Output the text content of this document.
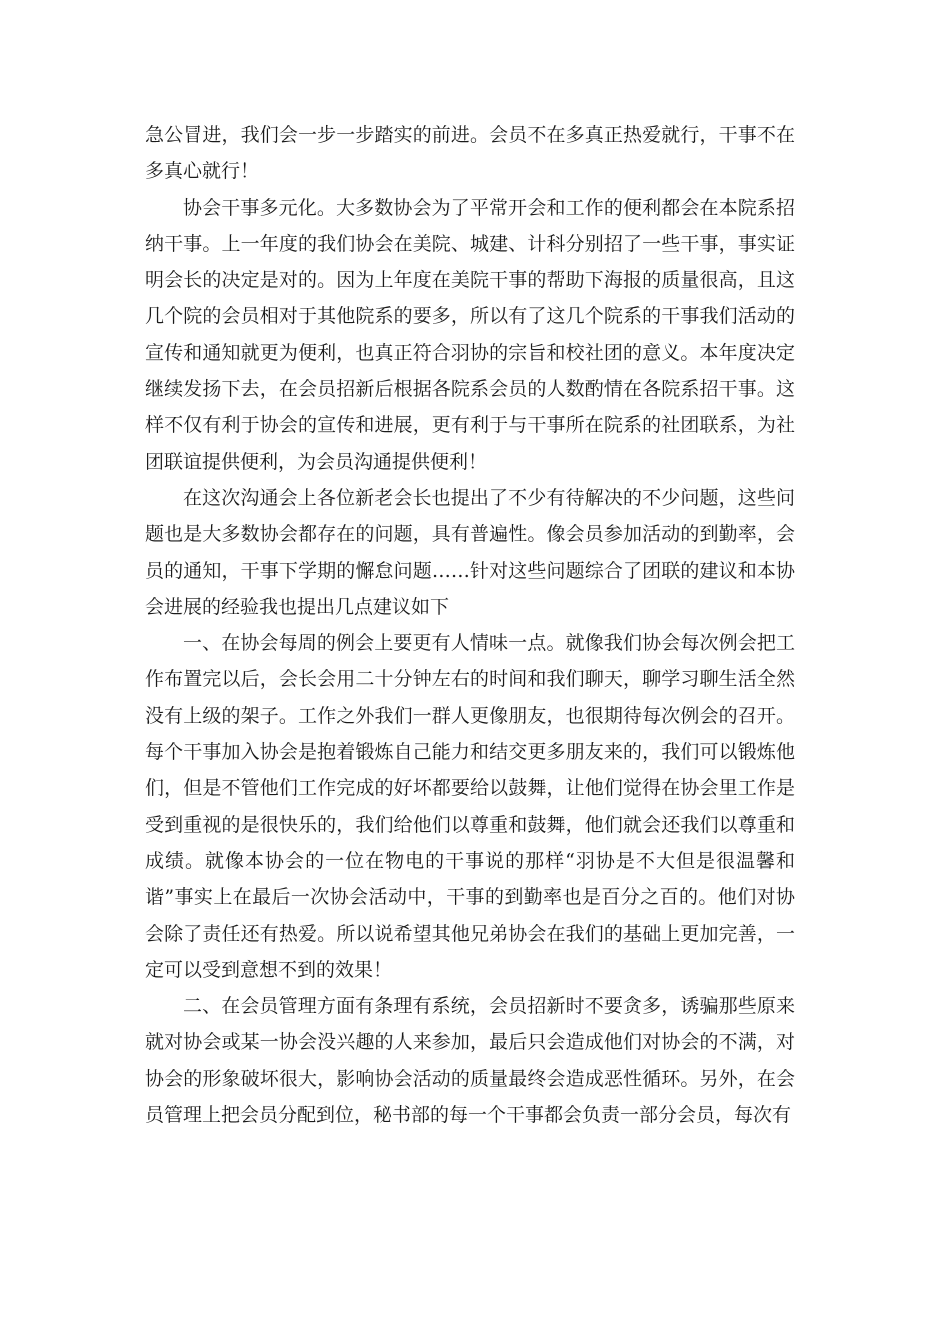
急公冒进，我们会一步一步踏实的前进。会员不在多真正热爱就行，干事不在多真心就行！

协会干事多元化。大多数协会为了平常开会和工作的便利都会在本院系招纳干事。上一年度的我们协会在美院、城建、计科分别招了一些干事，事实证明会长的决定是对的。因为上年度在美院干事的帮助下海报的质量很高，且这几个院的会员相对于其他院系的要多，所以有了这几个院系的干事我们活动的宣传和通知就更为便利，也真正符合羽协的宗旨和校社团的意义。本年度决定继续发扬下去，在会员招新后根据各院系会员的人数酌情在各院系招干事。这样不仅有利于协会的宣传和进展，更有利于与干事所在院系的社团联系，为社团联谊提供便利，为会员沟通提供便利！

在这次沟通会上各位新老会长也提出了不少有待解决的不少问题，这些问题也是大多数协会都存在的问题，具有普遍性。像会员参加活动的到勤率，会员的通知，干事下学期的懈怠问题……针对这些问题综合了团联的建议和本协会进展的经验我也提出几点建议如下

一、在协会每周的例会上要更有人情味一点。就像我们协会每次例会把工作布置完以后，会长会用二十分钟左右的时间和我们聊天，聊学习聊生活全然没有上级的架子。工作之外我们一群人更像朋友，也很期待每次例会的召开。每个干事加入协会是抱着锻炼自己能力和结交更多朋友来的，我们可以锻炼他们，但是不管他们工作完成的好坏都要给以鼓舞，让他们觉得在协会里工作是受到重视的是很快乐的，我们给他们以尊重和鼓舞，他们就会还我们以尊重和成绩。就像本协会的一位在物电的干事说的那样“羽协是不大但是很温馨和谐”事实上在最后一次协会活动中，干事的到勤率也是百分之百的。他们对协会除了责任还有热爱。所以说希望其他兄弟协会在我们的基础上更加完善，一定可以受到意想不到的效果！

二、在会员管理方面有条理有系统，会员招新时不要贪多，诱骗那些原来就对协会或某一协会没兴趣的人来参加，最后只会造成他们对协会的不满，对协会的形象破坏很大，影响协会活动的质量最终会造成恶性循环。另外，在会员管理上把会员分配到位，秘书部的每一个干事都会负责一部分会员，每次有
